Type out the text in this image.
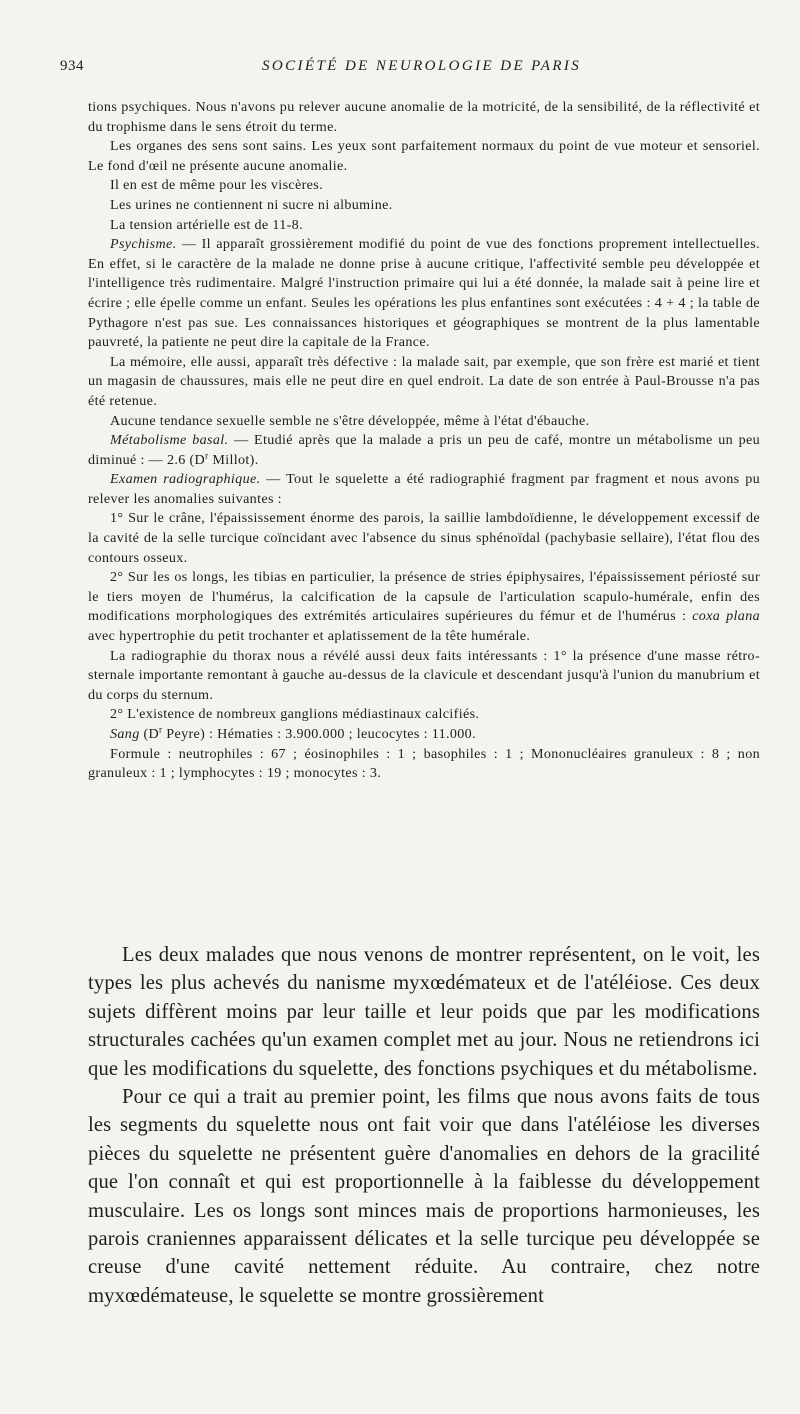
934	SOCIÉTÉ DE NEUROLOGIE DE PARIS

tions psychiques. Nous n'avons pu relever aucune anomalie de la motricité, de la sensibilité, de la réflectivité et du trophisme dans le sens étroit du terme.

Les organes des sens sont sains. Les yeux sont parfaitement normaux du point de vue moteur et sensoriel. Le fond d'œil ne présente aucune anomalie.

Il en est de même pour les viscères.

Les urines ne contiennent ni sucre ni albumine.

La tension artérielle est de 11-8.

Psychisme. — Il apparaît grossièrement modifié du point de vue des fonctions proprement intellectuelles. En effet, si le caractère de la malade ne donne prise à aucune critique, l'affectivité semble peu développée et l'intelligence très rudimentaire. Malgré l'instruction primaire qui lui a été donnée, la malade sait à peine lire et écrire ; elle épelle comme un enfant. Seules les opérations les plus enfantines sont exécutées : 4 + 4 ; la table de Pythagore n'est pas sue. Les connaissances historiques et géographiques se montrent de la plus lamentable pauvreté, la patiente ne peut dire la capitale de la France.

La mémoire, elle aussi, apparaît très défective : la malade sait, par exemple, que son frère est marié et tient un magasin de chaussures, mais elle ne peut dire en quel endroit. La date de son entrée à Paul-Brousse n'a pas été retenue.

Aucune tendance sexuelle semble ne s'être développée, même à l'état d'ébauche.

Métabolisme basal. — Etudié après que la malade a pris un peu de café, montre un métabolisme un peu diminué : — 2.6 ($D^r$ Millot).

Examen radiographique. — Tout le squelette a été radiographié fragment par fragment et nous avons pu relever les anomalies suivantes :

1° Sur le crâne, l'épaississement énorme des parois, la saillie lambdoïdienne, le développement excessif de la cavité de la selle turcique coïncidant avec l'absence du sinus sphénoïdal (pachybasie sellaire), l'état flou des contours osseux.

2° Sur les os longs, les tibias en particulier, la présence de stries épiphysaires, l'épaississement périosté sur le tiers moyen de l'humérus, la calcification de la capsule de l'articulation scapulo-humérale, enfin des modifications morphologiques des extrémités articulaires supérieures du fémur et de l'humérus : coxa plana avec hypertrophie du petit trochanter et aplatissement de la tête humérale.

La radiographie du thorax nous a révélé aussi deux faits intéressants : 1° la présence d'une masse rétro-sternale importante remontant à gauche au-dessus de la clavicule et descendant jusqu'à l'union du manubrium et du corps du sternum.

2° L'existence de nombreux ganglions médiastinaux calcifiés.

Sang ($D^r$ Peyre) : Hématies : 3.900.000 ; leucocytes : 11.000.

Formule : neutrophiles : 67 ; éosinophiles : 1 ; basophiles : 1 ; Mononucléaires granuleux : 8 ; non granuleux : 1 ; lymphocytes : 19 ; monocytes : 3.

Les deux malades que nous venons de montrer représentent, on le voit, les types les plus achevés du nanisme myxœdémateux et de l'atéléiose. Ces deux sujets diffèrent moins par leur taille et leur poids que par les modifications structurales cachées qu'un examen complet met au jour. Nous ne retiendrons ici que les modifications du squelette, des fonctions psychiques et du métabolisme.

Pour ce qui a trait au premier point, les films que nous avons faits de tous les segments du squelette nous ont fait voir que dans l'atéléiose les diverses pièces du squelette ne présentent guère d'anomalies en dehors de la gracilité que l'on connaît et qui est proportionnelle à la faiblesse du développement musculaire. Les os longs sont minces mais de proportions harmonieuses, les parois craniennes apparaissent délicates et la selle turcique peu développée se creuse d'une cavité nettement réduite. Au contraire, chez notre myxœdémateuse, le squelette se montre grossièrement
